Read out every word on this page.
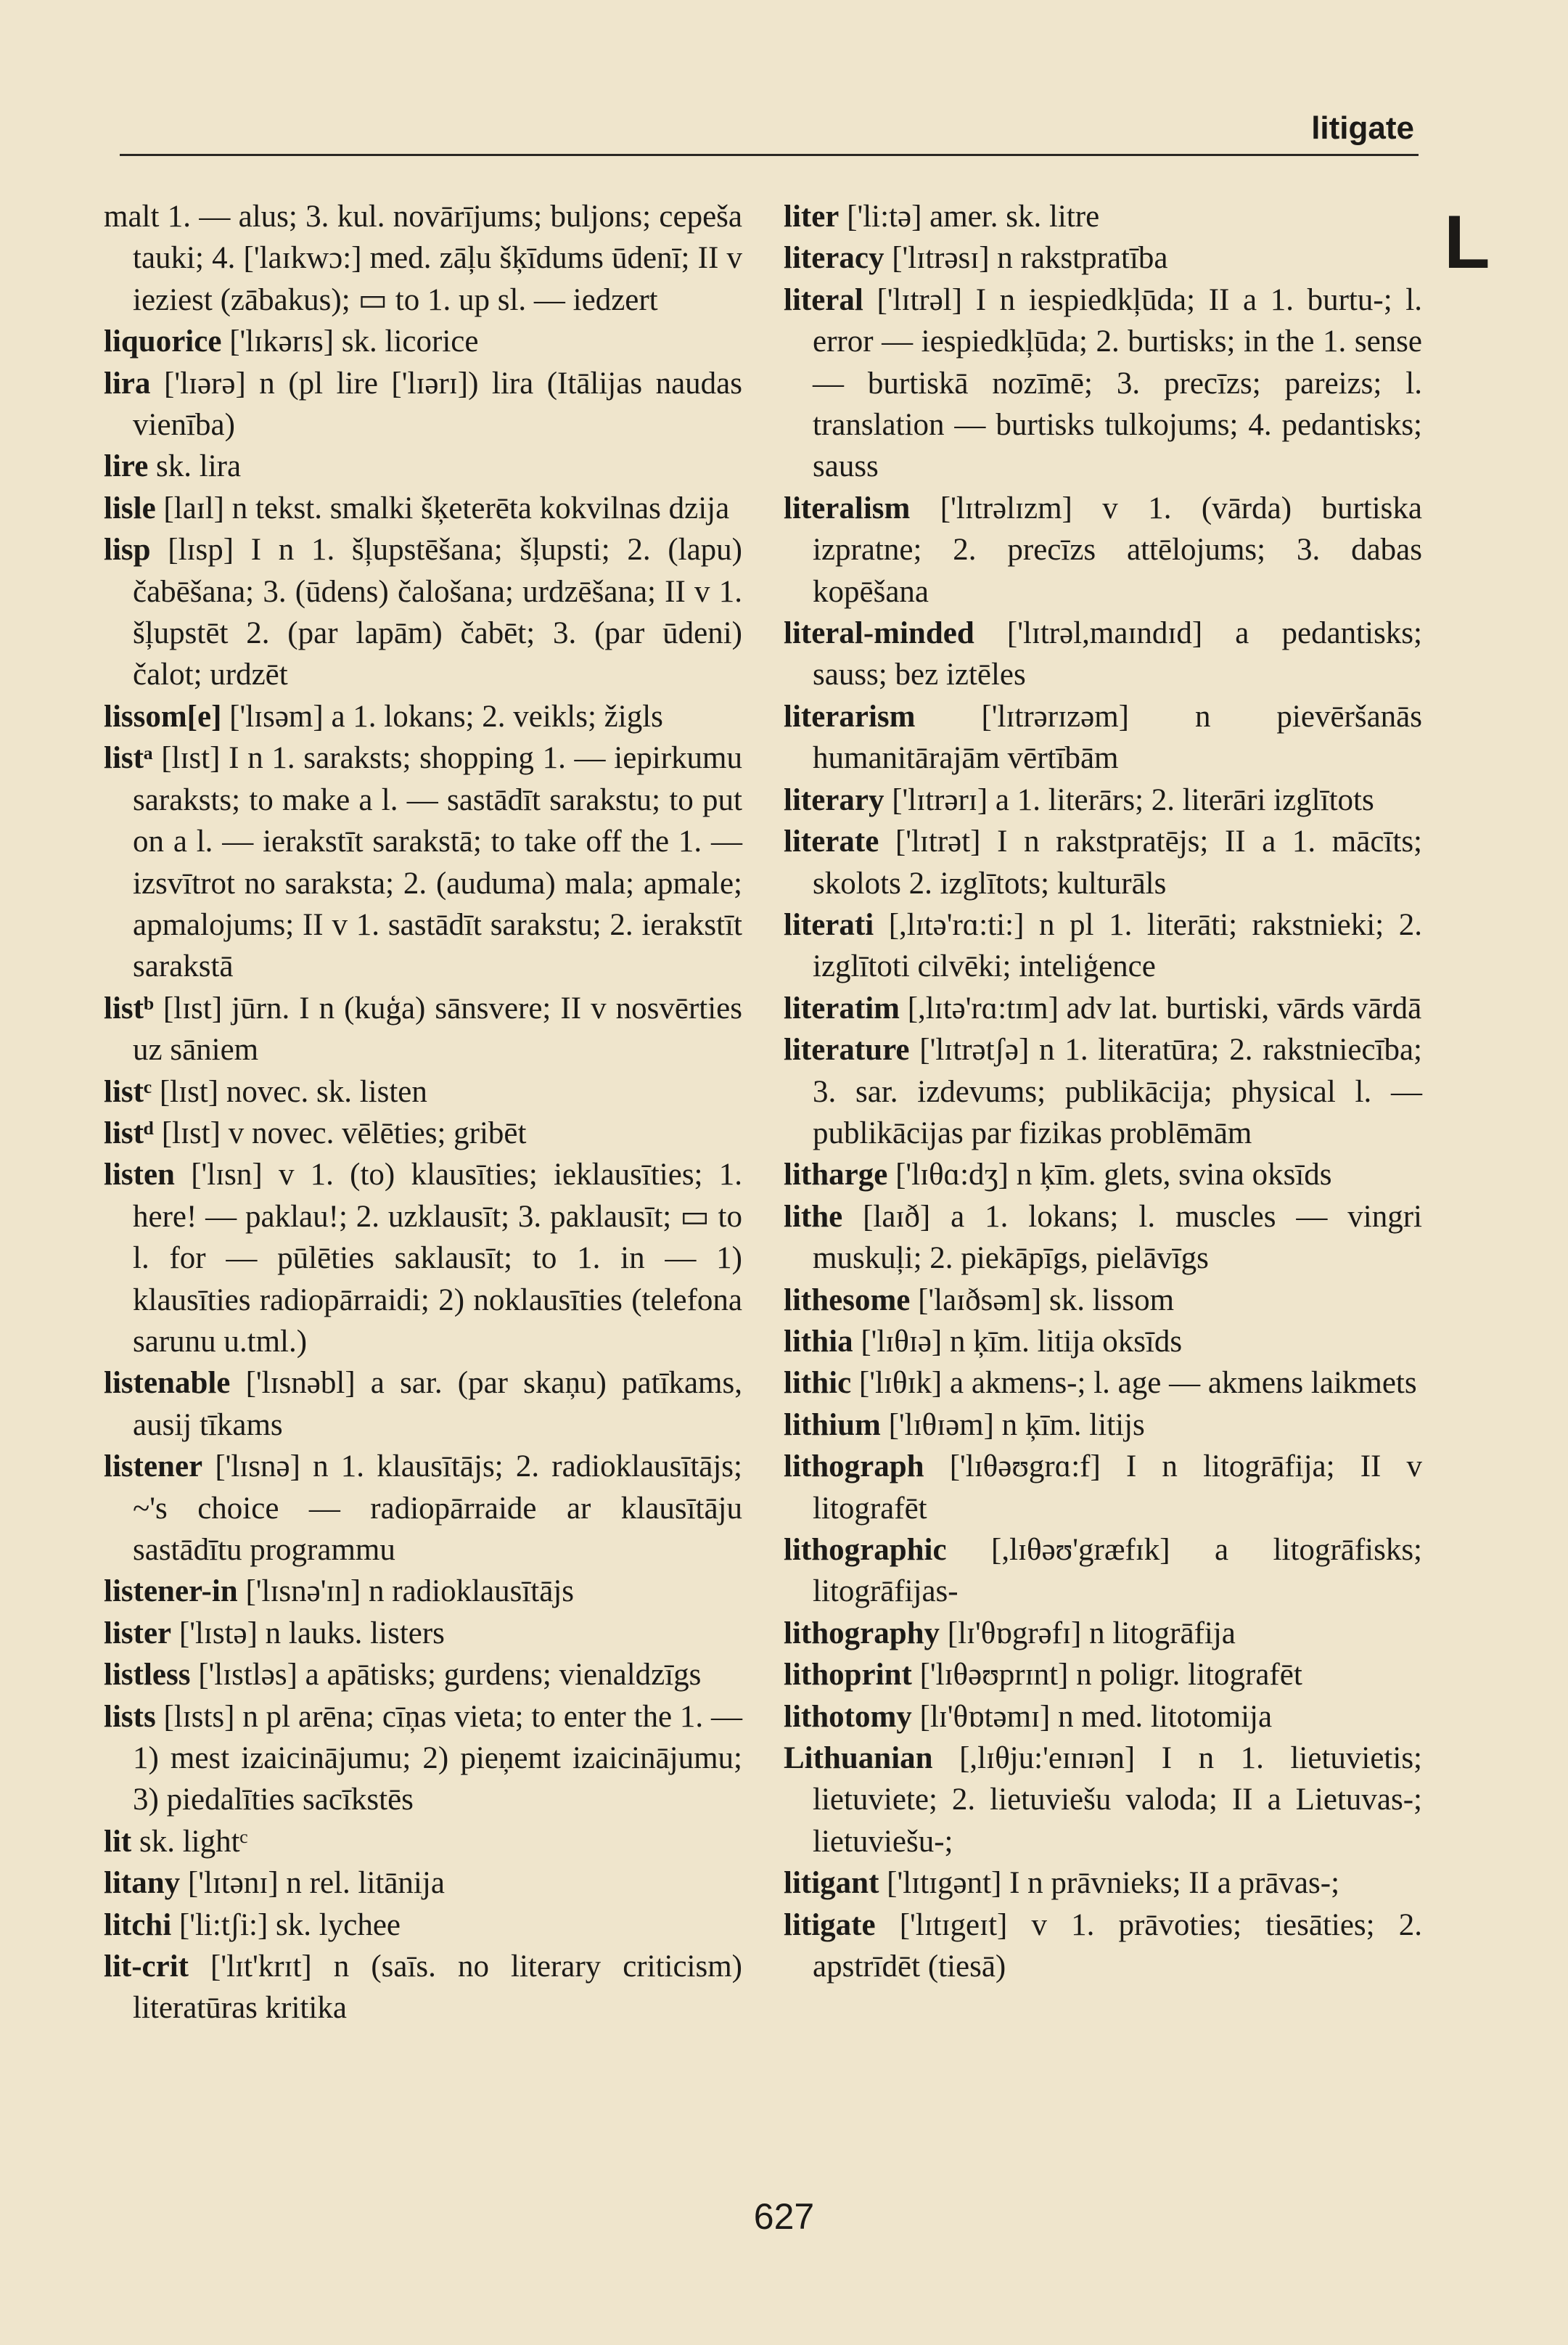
litigate
L
malt 1. — alus; 3. kul. novārījums; buljons; cepeša tauki; 4. ['laɪkwɔ:] med. zāļu šķīdums ūdenī; II v ieziest (zābakus); ▭ to 1. up sl. — iedzert
liquorice ['lɪkərɪs] sk. licorice
lira ['lɪərə] n (pl lire ['lɪərɪ]) lira (Itālijas naudas vienība)
lire sk. lira
lisle [laɪl] n tekst. smalki šķeterēta kokvilnas dzija
lisp [lɪsp] I n 1. šļupstēšana; šļupsti; 2. (lapu) čabēšana; 3. (ūdens) čalošana; urdzēšana; II v 1. šļupstēt 2. (par lapām) čabēt; 3. (par ūdeni) čalot; urdzēt
lissom[e] ['lɪsəm] a 1. lokans; 2. veikls; žigls
listᵃ [lɪst] I n 1. saraksts; shopping 1. — iepirkumu saraksts; to make a l. — sastādīt sarakstu; to put on a l. — ierakstīt sarakstā; to take off the 1. — izsvītrot no saraksta; 2. (auduma) mala; apmale; apmalojums; II v 1. sastādīt sarakstu; 2. ierakstīt sarakstā
listᵇ [lɪst] jūrn. I n (kuģa) sānsvere; II v nosvērties uz sāniem
listᶜ [lɪst] novec. sk. listen
listᵈ [lɪst] v novec. vēlēties; gribēt
listen ['lɪsn] v 1. (to) klausīties; ieklausīties; 1. here! — paklau!; 2. uzklausīt; 3. paklausīt; ▭ to l. for — pūlēties saklausīt; to 1. in — 1) klausīties radiopārraidi; 2) noklausīties (telefona sarunu u.tml.)
listenable ['lɪsnəbl] a sar. (par skaņu) patīkams, ausij tīkams
listener ['lɪsnə] n 1. klausītājs; 2. radioklausītājs; ~'s choice — radiopārraide ar klausītāju sastādītu programmu
listener-in ['lɪsnə'ɪn] n radioklausītājs
lister ['lɪstə] n lauks. listers
listless ['lɪstləs] a apātisks; gurdens; vienaldzīgs
lists [lɪsts] n pl arēna; cīņas vieta; to enter the 1. — 1) mest izaicinājumu; 2) pieņemt izaicinājumu; 3) piedalīties sacīkstēs
lit sk. lightᶜ
litany ['lɪtənɪ] n rel. litānija
litchi ['li:tʃi:] sk. lychee
lit-crit ['lɪt'krɪt] n (saīs. no literary criticism) literatūras kritika
liter ['li:tə] amer. sk. litre
literacy ['lɪtrəsɪ] n rakstpratība
literal ['lɪtrəl] I n iespiedkļūda; II a 1. burtu-; l. error — iespiedkļūda; 2. burtisks; in the 1. sense — burtiskā nozīmē; 3. precīzs; pareizs; l. translation — burtisks tulkojums; 4. pedantisks; sauss
literalism ['lɪtrəlɪzm] v 1. (vārda) burtiska izpratne; 2. precīzs attēlojums; 3. dabas kopēšana
literal-minded ['lɪtrəl,maɪndɪd] a pedantisks; sauss; bez iztēles
literarism ['lɪtrərɪzəm] n pievēršanās humanitārajām vērtībām
literary ['lɪtrərɪ] a 1. literārs; 2. literāri izglītots
literate ['lɪtrət] I n rakstpratējs; II a 1. mācīts; skolots 2. izglītots; kulturāls
literati [,lɪtə'rɑ:ti:] n pl 1. literāti; rakstnieki; 2. izglītoti cilvēki; inteliģence
literatim [,lɪtə'rɑ:tɪm] adv lat. burtiski, vārds vārdā
literature ['lɪtrətʃə] n 1. literatūra; 2. rakstniecība; 3. sar. izdevums; publikācija; physical l. — publikācijas par fizikas problēmām
litharge ['lɪθɑ:dʒ] n ķīm. glets, svina oksīds
lithe [laɪð] a 1. lokans; l. muscles — vingri muskuļi; 2. piekāpīgs, pielāvīgs
lithesome ['laɪðsəm] sk. lissom
lithia ['lɪθɪə] n ķīm. litija oksīds
lithic ['lɪθɪk] a akmens-; l. age — akmens laikmets
lithium ['lɪθɪəm] n ķīm. litijs
lithograph ['lɪθəʊgrɑ:f] I n litogrāfija; II v litografēt
lithographic [,lɪθəʊ'græfɪk] a litogrāfisks; litogrāfijas-
lithography [lɪ'θɒgrəfɪ] n litogrāfija
lithoprint ['lɪθəʊprɪnt] n poligr. litografēt
lithotomy [lɪ'θɒtəmɪ] n med. litotomija
Lithuanian [,lɪθju:'eɪnɪən] I n 1. lietuvietis; lietuviete; 2. lietuviešu valoda; II a Lietuvas-; lietuviešu-;
litigant ['lɪtɪgənt] I n prāvnieks; II a prāvas-;
litigate ['lɪtɪgeɪt] v 1. prāvoties; tiesāties; 2. apstrīdēt (tiesā)
627
